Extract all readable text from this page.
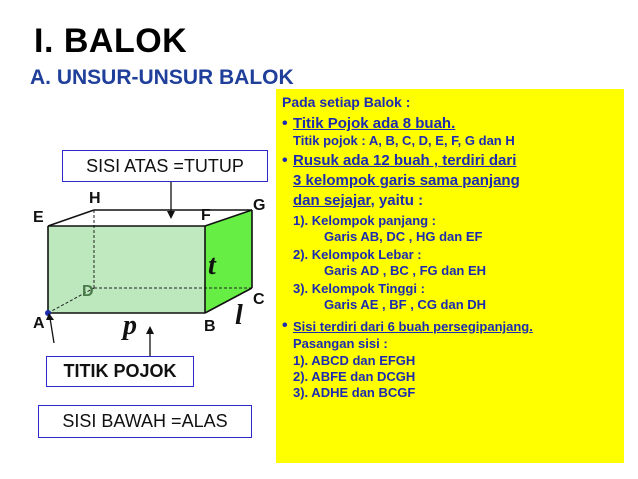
I. BALOK
A. UNSUR-UNSUR BALOK
H	G
E	F
D	C
A	B
t
p	l
SISI ATAS =TUTUP
TITIK POJOK
SISI BAWAH =ALAS
Pada setiap Balok :
• Titik Pojok ada 8 buah.
Titik pojok : A, B, C, D, E, F, G dan H
• Rusuk ada 12 buah , terdiri dari
3 kelompok garis sama panjang
dan sejajar, yaitu :
1). Kelompok panjang :
Garis AB, DC , HG dan EF
2). Kelompok Lebar :
Garis AD , BC , FG dan EH
3). Kelompok Tinggi :
Garis AE , BF , CG dan DH
• Sisi terdiri dari 6 buah persegipanjang.
Pasangan sisi :
1). ABCD dan EFGH
2). ABFE dan DCGH
3). ADHE dan BCGF
